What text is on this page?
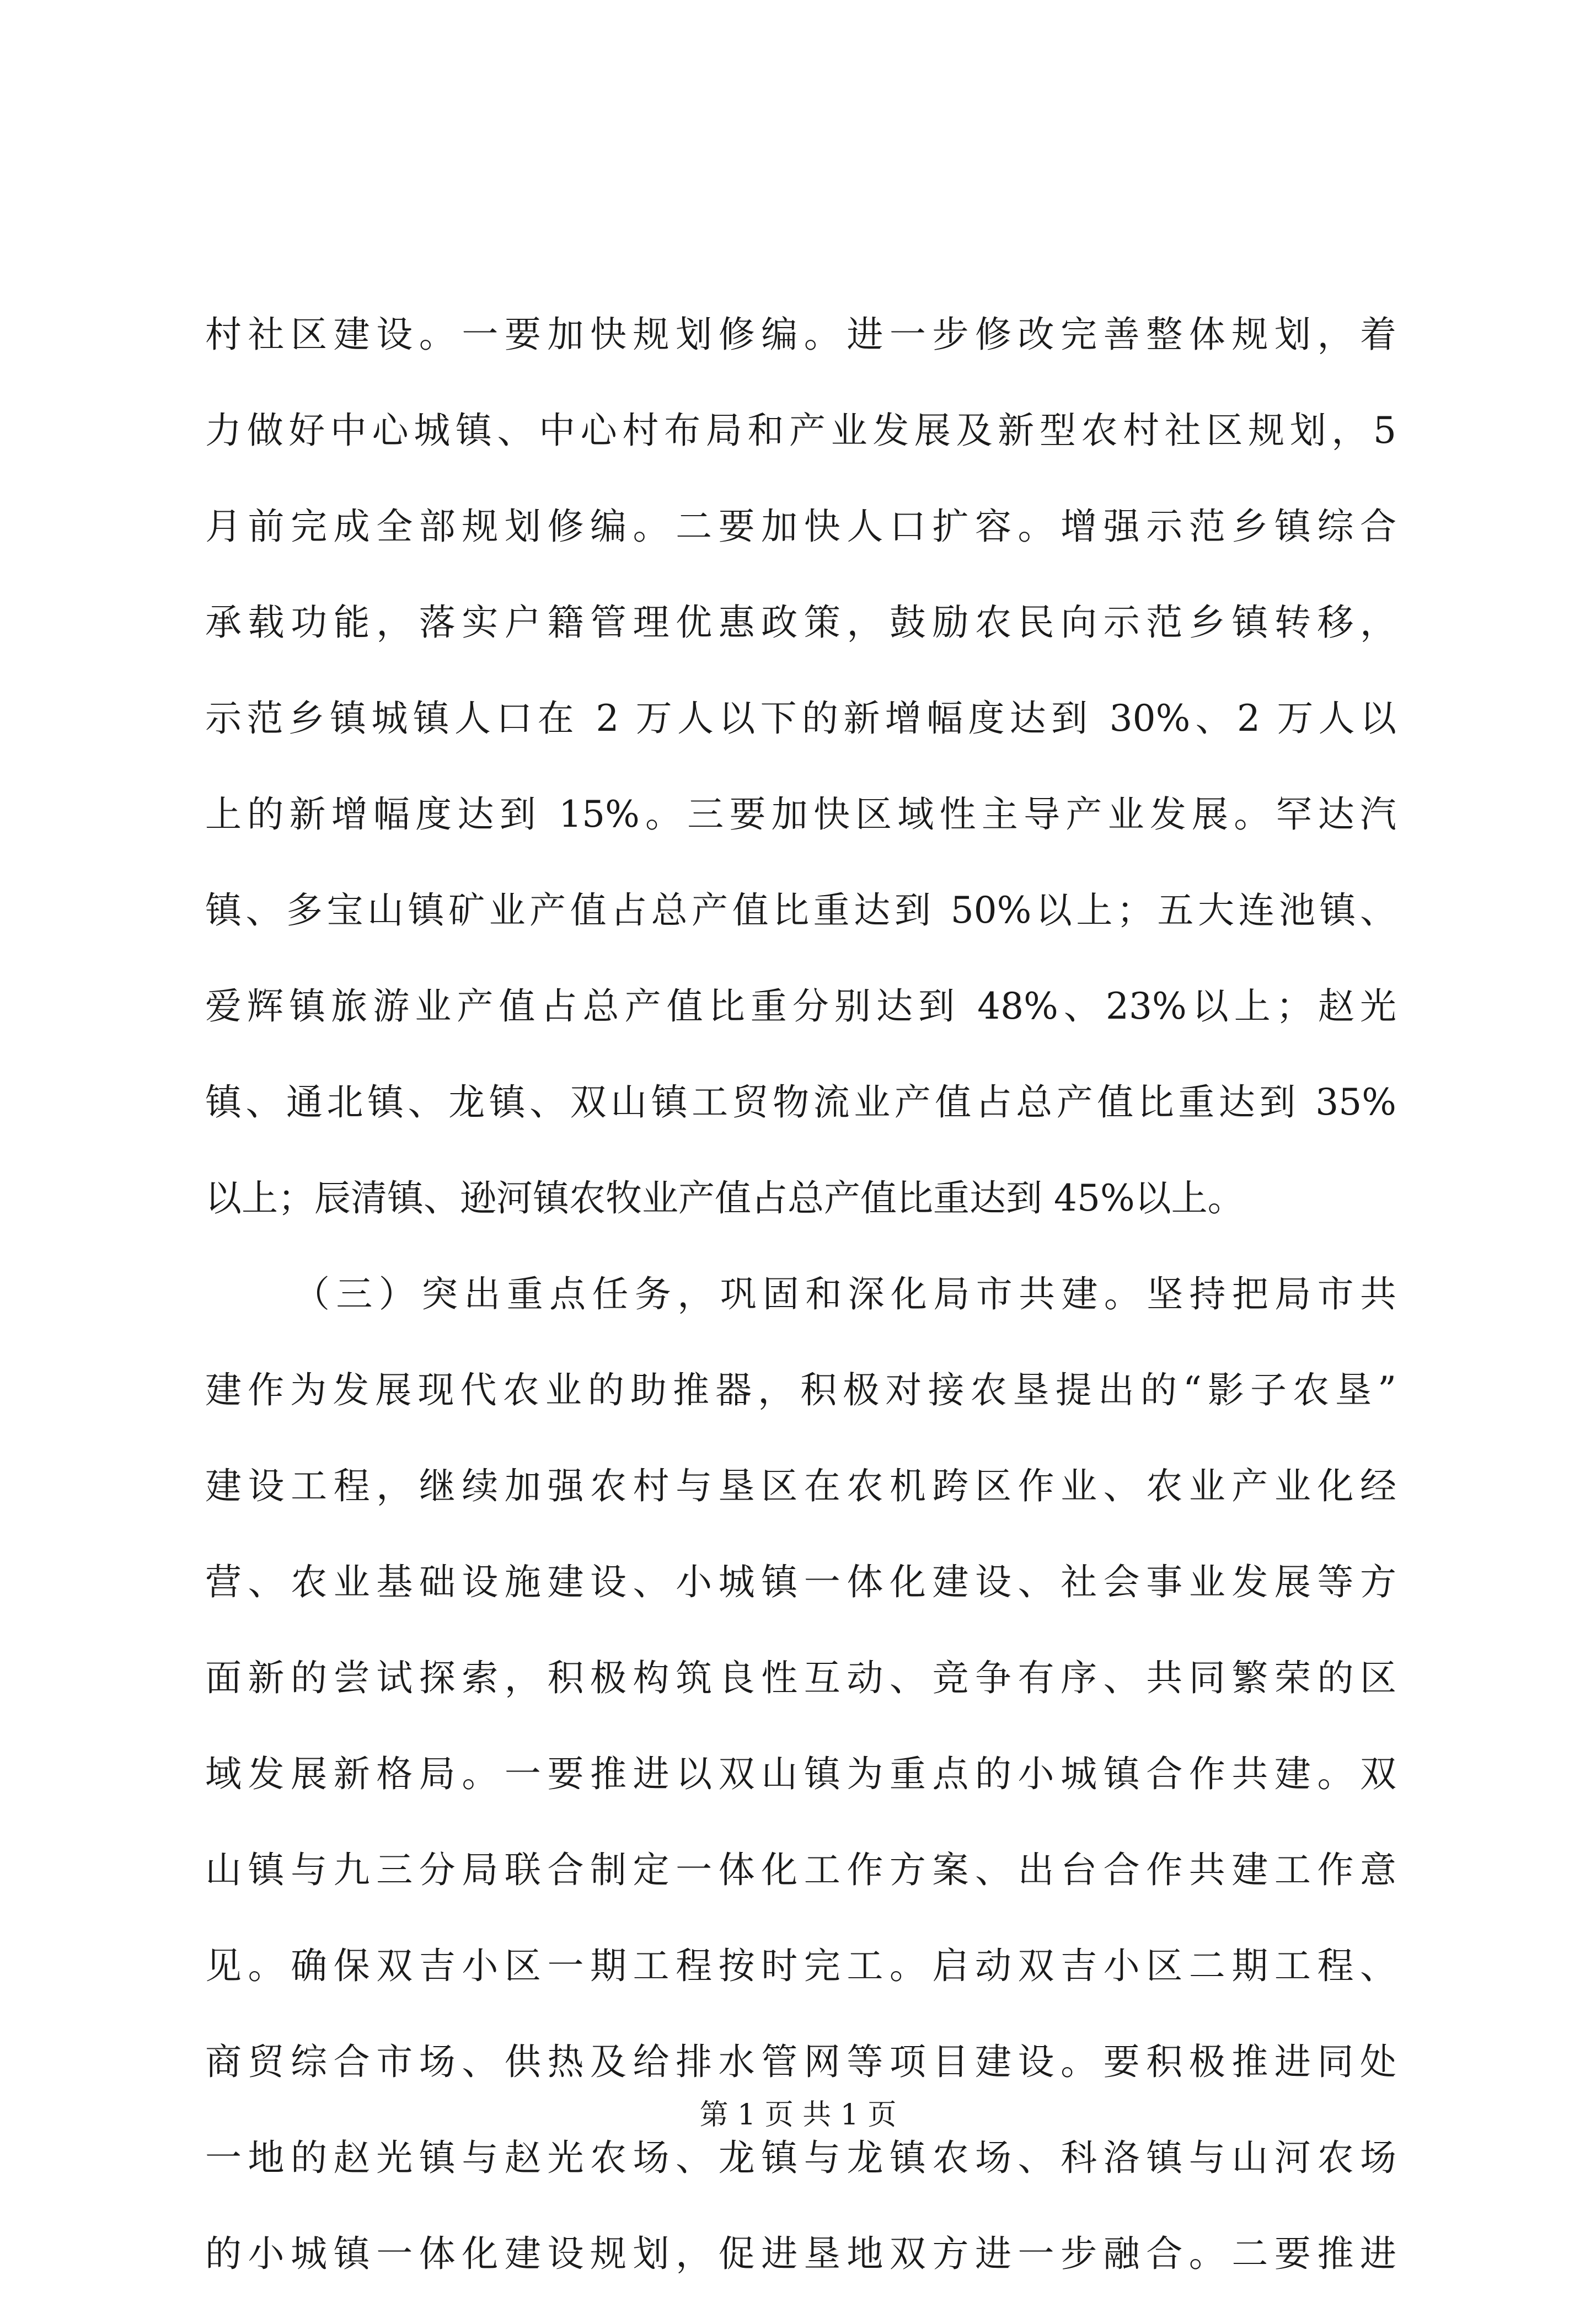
村社区建设。一要加快规划修编。进一步修改完善整体规划，着
力做好中心城镇、中心村布局和产业发展及新型农村社区规划，5
月前完成全部规划修编。二要加快人口扩容。增强示范乡镇综合
承载功能，落实户籍管理优惠政策，鼓励农民向示范乡镇转移，
示范乡镇城镇人口在 2 万人以下的新增幅度达到 30%、2 万人以
上的新增幅度达到 15%。三要加快区域性主导产业发展。罕达汽
镇、多宝山镇矿业产值占总产值比重达到 50%以上；五大连池镇、
爱辉镇旅游业产值占总产值比重分别达到 48%、23%以上；赵光
镇、通北镇、龙镇、双山镇工贸物流业产值占总产值比重达到 35%
以上；辰清镇、逊河镇农牧业产值占总产值比重达到 45%以上。
（三）突出重点任务，巩固和深化局市共建。坚持把局市共
建作为发展现代农业的助推器，积极对接农垦提出的“影子农垦”
建设工程，继续加强农村与垦区在农机跨区作业、农业产业化经
营、农业基础设施建设、小城镇一体化建设、社会事业发展等方
面新的尝试探索，积极构筑良性互动、竞争有序、共同繁荣的区
域发展新格局。一要推进以双山镇为重点的小城镇合作共建。双
山镇与九三分局联合制定一体化工作方案、出台合作共建工作意
见。确保双吉小区一期工程按时完工。启动双吉小区二期工程、
商贸综合市场、供热及给排水管网等项目建设。要积极推进同处
一地的赵光镇与赵光农场、龙镇与龙镇农场、科洛镇与山河农场
的小城镇一体化建设规划，促进垦地双方进一步融合。二要推进
第 1 页 共 1 页
